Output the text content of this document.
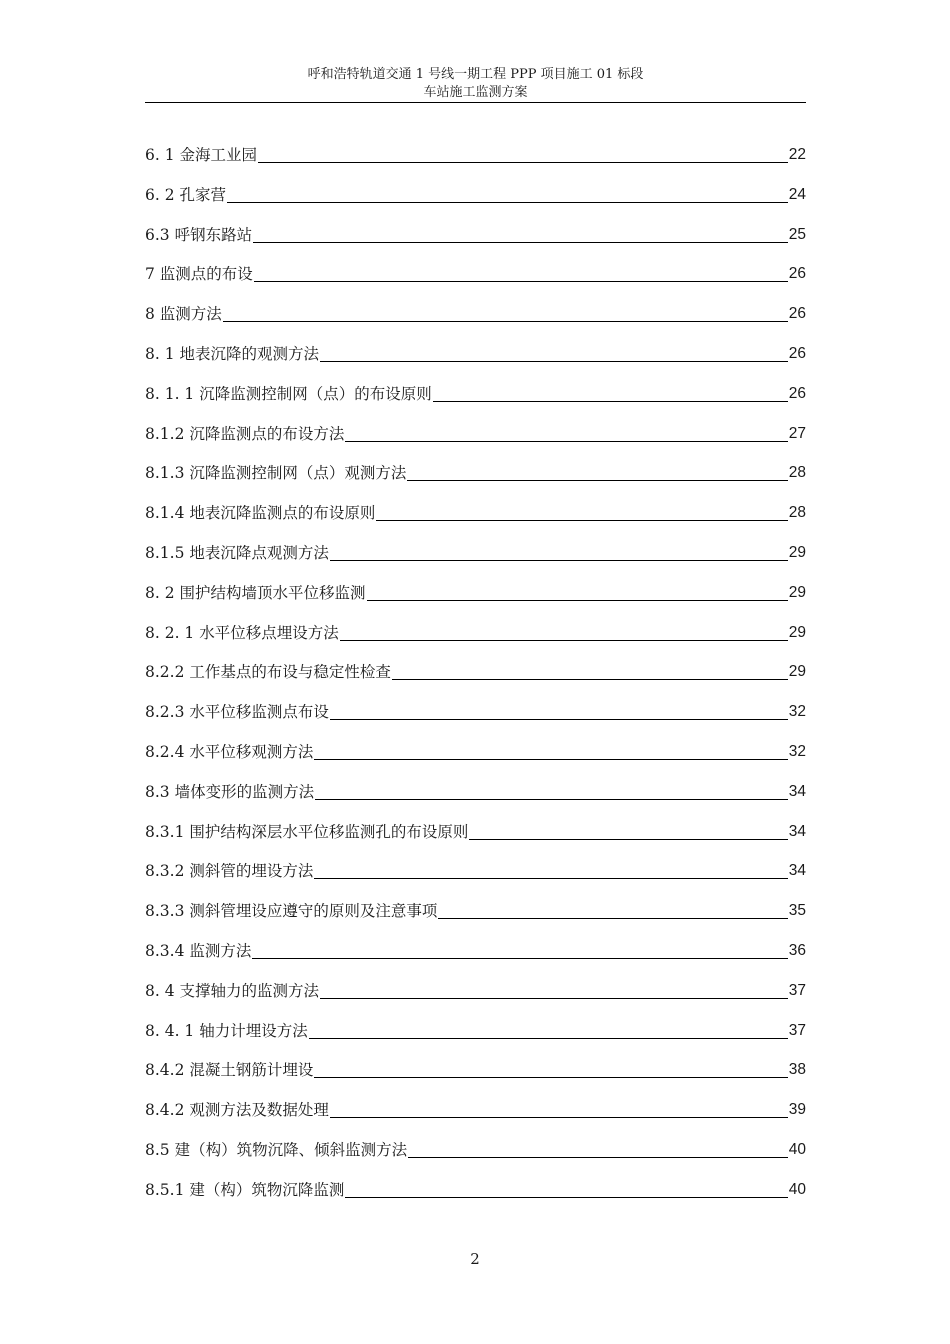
呼和浩特轨道交通 1 号线一期工程 PPP 项目施工 01 标段
车站施工监测方案
6. 1 金海工业园	22
6. 2 孔家营	24
6.3 呼钢东路站	25
7 监测点的布设	26
8 监测方法	26
8. 1 地表沉降的观测方法	26
8. 1. 1 沉降监测控制网（点）的布设原则	26
8.1.2 沉降监测点的布设方法	27
8.1.3 沉降监测控制网（点）观测方法	28
8.1.4 地表沉降监测点的布设原则	28
8.1.5 地表沉降点观测方法	29
8. 2 围护结构墙顶水平位移监测	29
8. 2. 1 水平位移点埋设方法	29
8.2.2 工作基点的布设与稳定性检查	29
8.2.3 水平位移监测点布设	32
8.2.4 水平位移观测方法	32
8.3 墙体变形的监测方法	34
8.3.1 围护结构深层水平位移监测孔的布设原则	34
8.3.2 测斜管的埋设方法	34
8.3.3 测斜管埋设应遵守的原则及注意事项	35
8.3.4 监测方法	36
8. 4 支撑轴力的监测方法	37
8. 4. 1 轴力计埋设方法	37
8.4.2 混凝土钢筋计埋设	38
8.4.2 观测方法及数据处理	39
8.5 建（构）筑物沉降、倾斜监测方法	40
8.5.1 建（构）筑物沉降监测	40
2
